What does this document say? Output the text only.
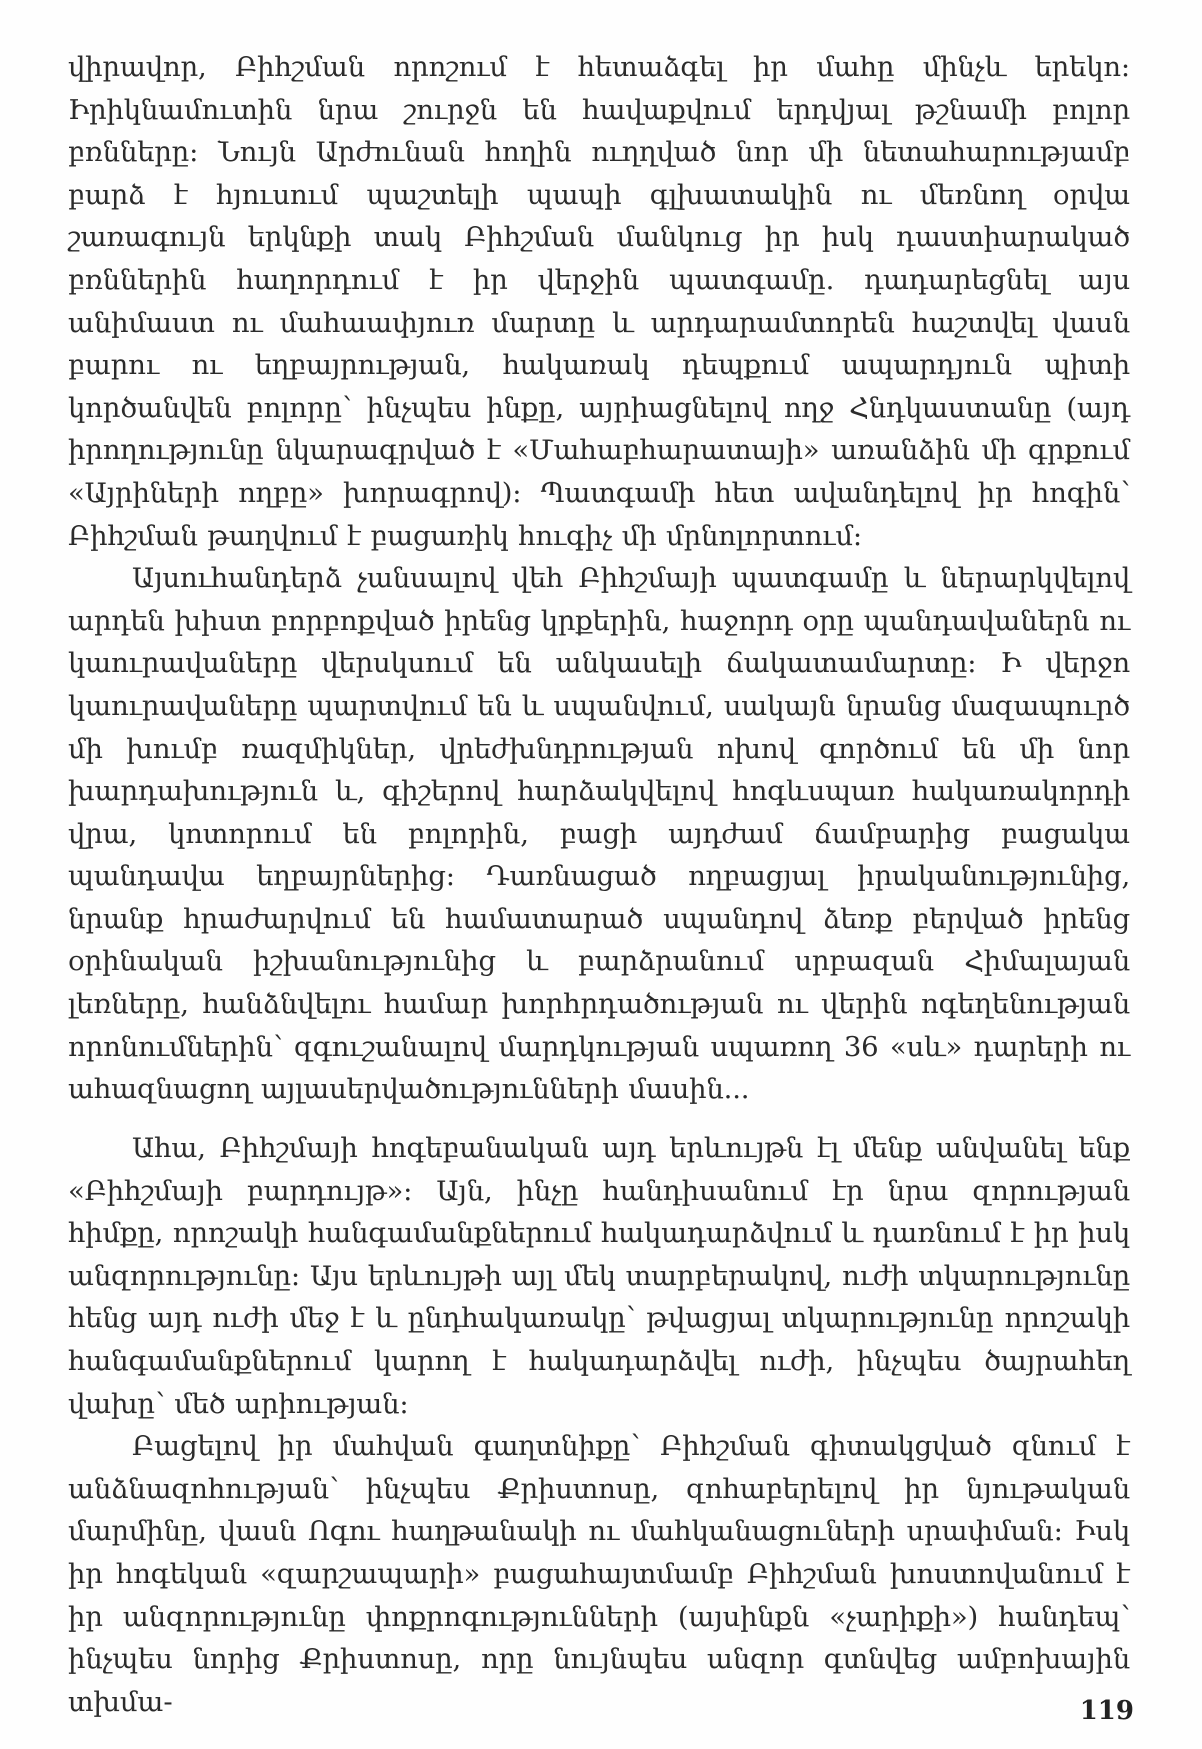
վիրավոր, Բիհշման որոշում է հետաձգել իր մահը մինչև երեկո: Իրիկնամուտին նրա շուրջն են հավաքվում երդվյալ թշնամի բոլոր բռնները: Նույն Արժունան հողին ուղղված նոր մի նետահարությամբ բարձ է հյուսում պաշտելի պապի գլխատակին ու մեռնող օրվա շառագույն երկնքի տակ Բիհշման մանկուց իր իսկ դաստիարակած բռններին հաղորդում է իր վերջին պատգամը. դադարեցնել այս անիմաստ ու մահաափյուռ մարտը և արդարամտորեն հաշտվել վասն բարու ու եղբայրության, հակառակ դեպքում ապարդյուն պիտի կործանվեն բոլորը՝ ինչպես ինքը, այրիացնելով ողջ Հնդկաստանը (այդ իրողությունը նկարագրված է «Մահաբհարատայի» առանձին մի գրքում «Այրիների ողբը» խորագրով): Պատգամի հետ ավանդելով իր հոգին՝ Բիհշման թաղվում է բացառիկ հուգիչ մի մրնոլորտում:

Այսուհանդերձ չանսալով վեհ Բիհշմայի պատգամը և ներարկվելով արդեն խիստ բորբոքված իրենց կրքերին, հաջորդ օրը պանդավաներն ու կաուրավաները վերսկսում են անկասելի ճակատամարտը: Ի վերջո կաուրավաները պարտվում են և սպանվում, սակայն նրանց մազապուրծ մի խումբ ռազմիկներ, վրեժխնդրության ոխով գործում են մի նոր խարդախություն և, գիշերով հարձակվելով հոգևսպառ հակառակորդի վրա, կոտորում են բոլորին, բացի այդժամ ճամբարից բացակա պանդավա եղբայրներից: Դառնացած ողբացյալ իրականությունից, նրանք հրաժարվում են համատարած սպանդով ձեռք բերված իրենց օրինական իշխանությունից և բարձրանում սրբազան Հիմալայան լեռները, հանձնվելու համար խորհրդածության ու վերին ոգեղենության որոնումներին՝ զգուշանալով մարդկության սպառող 36 «սև» դարերի ու ահազնացող այլասերվածությունների մասին...

Ահա, Բիհշմայի հոգեբանական այդ երևույթն էլ մենք անվանել ենք «Բիհշմայի բարդույթ»: Այն, ինչը հանդիսանում էր նրա զորության հիմքը, որոշակի հանգամանքներում հակադարձվում և դառնում է իր իսկ անզորությունը: Այս երևույթի այլ մեկ տարբերակով, ուժի տկարությունը հենց այդ ուժի մեջ է և ընդհակառակը՝ թվացյալ տկարությունը որոշակի հանգամանքներում կարող է հակադարձվել ուժի, ինչպես ծայրահեղ վախը՝ մեծ արիության:

Բացելով իր մահվան գաղտնիքը՝ Բիհշման գիտակցված զնում է անձնազոհության՝ ինչպես Քրիստոսը, զոհաբերելով իր նյութական մարմինը, վասն Ոգու հաղթանակի ու մահկանացուների սրափման: Իսկ իր հոգեկան «զարշապարի» բացահայտմամբ Բիհշման խոստովանում է իր անզորությունը փոքրոգությունների (այսինքն «չարիքի») հանդեպ՝ ինչպես նորից Քրիստոսը, որը նույնպես անզոր գտնվեց ամբոխային տխմա-	119
